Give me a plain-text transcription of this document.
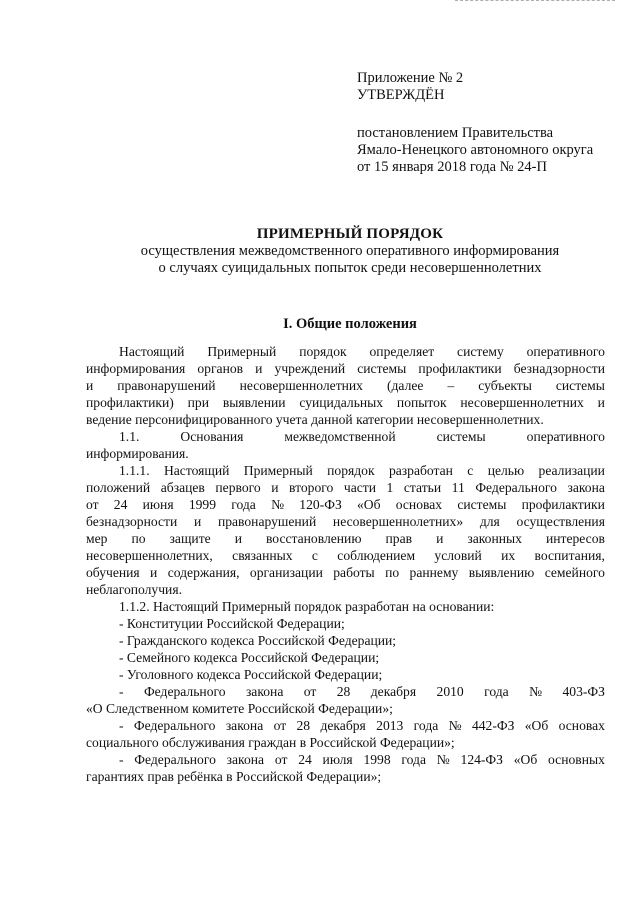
Приложение № 2
УТВЕРЖДЁН
постановлением Правительства
Ямало-Ненецкого автономного округа
от 15 января 2018 года № 24-П
ПРИМЕРНЫЙ ПОРЯДОК
осуществления межведомственного оперативного информирования
о случаях суицидальных попыток среди несовершеннолетних
I. Общие положения
Настоящий Примерный порядок определяет систему оперативного
информирования органов и учреждений системы профилактики безнадзорности
и правонарушений несовершеннолетних (далее – субъекты системы
профилактики) при выявлении суицидальных попыток несовершеннолетних и
ведение персонифицированного учета данной категории несовершеннолетних.
1.1.	Основания	межведомственной	системы	оперативного
информирования.
1.1.1. Настоящий Примерный порядок разработан с целью реализации
положений абзацев первого и второго части 1 статьи 11 Федерального закона
от 24 июня 1999 года № 120-ФЗ «Об основах системы профилактики
безнадзорности и правонарушений несовершеннолетних» для осуществления
мер по защите и восстановлению прав и законных интересов
несовершеннолетних, связанных с соблюдением условий их воспитания,
обучения и содержания, организации работы по раннему выявлению семейного
неблагополучия.
1.1.2. Настоящий Примерный порядок разработан на основании:
- Конституции Российской Федерации;
- Гражданского кодекса Российской Федерации;
- Семейного кодекса Российской Федерации;
- Уголовного кодекса Российской Федерации;
- Федерального закона от 28 декабря 2010 года № 403-ФЗ
«О Следственном комитете Российской Федерации»;
- Федерального закона от 28 декабря 2013 года № 442-ФЗ «Об основах
социального обслуживания граждан в Российской Федерации»;
- Федерального закона от 24 июля 1998 года № 124-ФЗ «Об основных
гарантиях прав ребёнка в Российской Федерации»;
